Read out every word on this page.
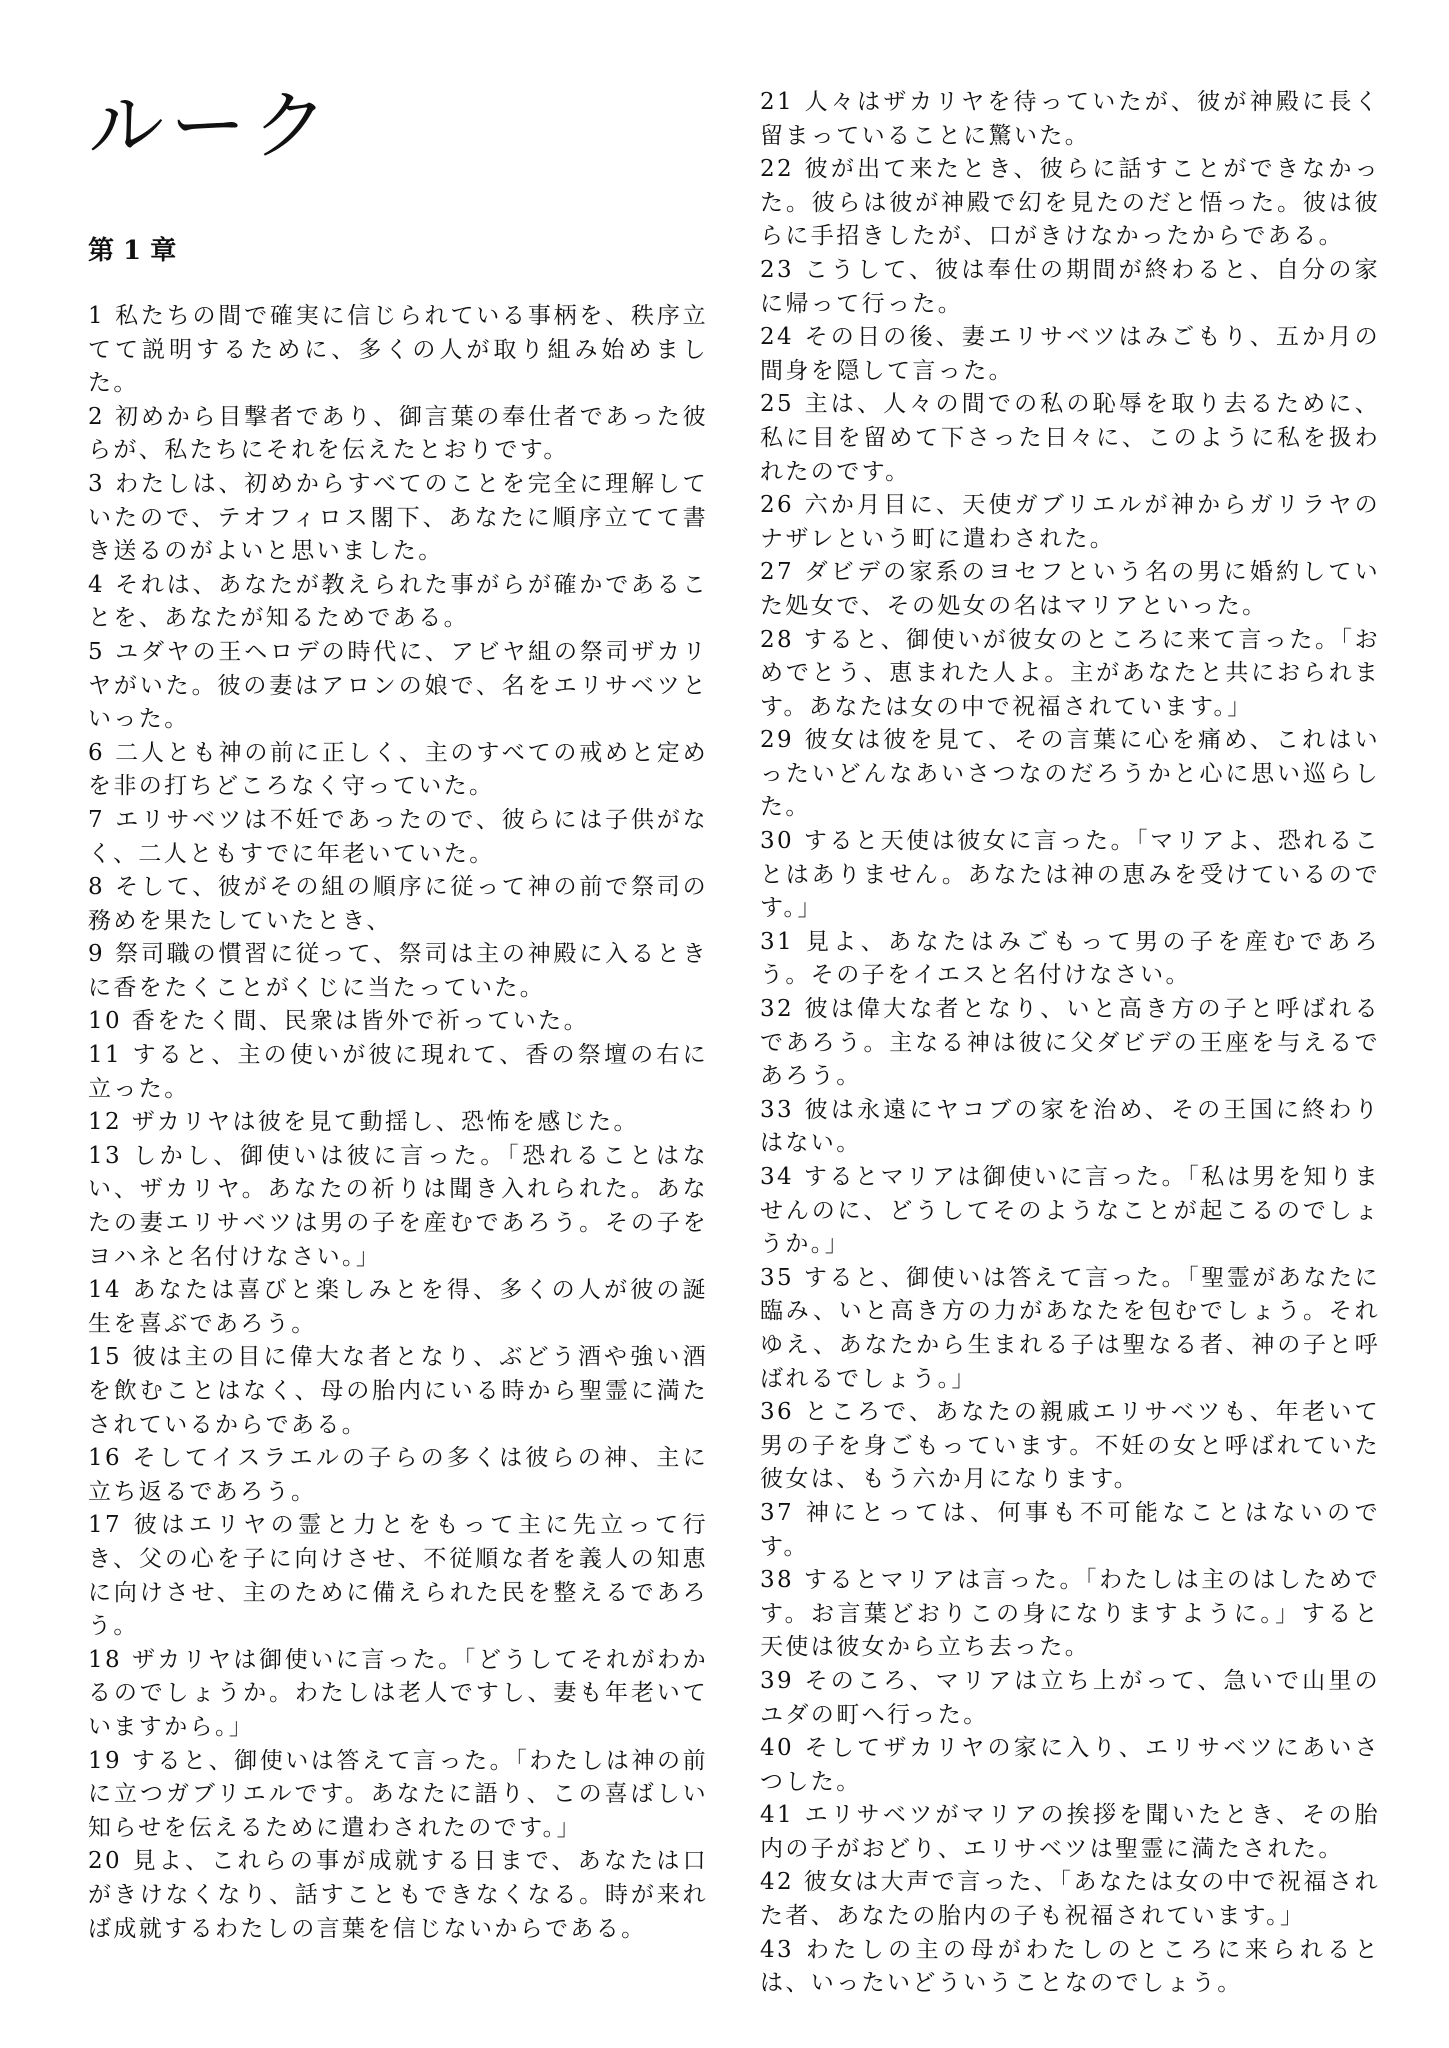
ルーク
第 1 章

1 私たちの間で確実に信じられている事柄を、秩序立てて説明するために、多くの人が取り組み始めました。

2 初めから目撃者であり、御言葉の奉仕者であった彼らが、私たちにそれを伝えたとおりです。

3 わたしは、初めからすべてのことを完全に理解していたので、テオフィロス閣下、あなたに順序立てて書き送るのがよいと思いました。

4 それは、あなたが教えられた事がらが確かであることを、あなたが知るためである。

5 ユダヤの王ヘロデの時代に、アビヤ組の祭司ザカリヤがいた。彼の妻はアロンの娘で、名をエリサベツといった。

6 二人とも神の前に正しく、主のすべての戒めと定めを非の打ちどころなく守っていた。

7 エリサベツは不妊であったので、彼らには子供がなく、二人ともすでに年老いていた。

8 そして、彼がその組の順序に従って神の前で祭司の務めを果たしていたとき、

9 祭司職の慣習に従って、祭司は主の神殿に入るときに香をたくことがくじに当たっていた。

10 香をたく間、民衆は皆外で祈っていた。

11 すると、主の使いが彼に現れて、香の祭壇の右に立った。

12 ザカリヤは彼を見て動揺し、恐怖を感じた。

13 しかし、御使いは彼に言った。「恐れることはない、ザカリヤ。あなたの祈りは聞き入れられた。あなたの妻エリサベツは男の子を産むであろう。その子をヨハネと名付けなさい。」

14 あなたは喜びと楽しみとを得、多くの人が彼の誕生を喜ぶであろう。

15 彼は主の目に偉大な者となり、ぶどう酒や強い酒を飲むことはなく、母の胎内にいる時から聖霊に満たされているからである。

16 そしてイスラエルの子らの多くは彼らの神、主に立ち返るであろう。

17 彼はエリヤの霊と力とをもって主に先立って行き、父の心を子に向けさせ、不従順な者を義人の知恵に向けさせ、主のために備えられた民を整えるであろう。

18 ザカリヤは御使いに言った。「どうしてそれがわかるのでしょうか。わたしは老人ですし、妻も年老いていますから。」

19 すると、御使いは答えて言った。「わたしは神の前に立つガブリエルです。あなたに語り、この喜ばしい知らせを伝えるために遣わされたのです。」

20 見よ、これらの事が成就する日まで、あなたは口がきけなくなり、話すこともできなくなる。時が来れば成就するわたしの言葉を信じないからである。

21 人々はザカリヤを待っていたが、彼が神殿に長く留まっていることに驚いた。

22 彼が出て来たとき、彼らに話すことができなかった。彼らは彼が神殿で幻を見たのだと悟った。彼は彼らに手招きしたが、口がきけなかったからである。

23 こうして、彼は奉仕の期間が終わると、自分の家に帰って行った。

24 その日の後、妻エリサベツはみごもり、五か月の間身を隠して言った。

25 主は、人々の間での私の恥辱を取り去るために、私に目を留めて下さった日々に、このように私を扱われたのです。

26 六か月目に、天使ガブリエルが神からガリラヤのナザレという町に遣わされた。

27 ダビデの家系のヨセフという名の男に婚約していた処女で、その処女の名はマリアといった。

28 すると、御使いが彼女のところに来て言った。「おめでとう、恵まれた人よ。主があなたと共におられます。あなたは女の中で祝福されています。」

29 彼女は彼を見て、その言葉に心を痛め、これはいったいどんなあいさつなのだろうかと心に思い巡らした。

30 すると天使は彼女に言った。「マリアよ、恐れることはありません。あなたは神の恵みを受けているのです。」

31 見よ、あなたはみごもって男の子を産むであろう。その子をイエスと名付けなさい。

32 彼は偉大な者となり、いと高き方の子と呼ばれるであろう。主なる神は彼に父ダビデの王座を与えるであろう。

33 彼は永遠にヤコブの家を治め、その王国に終わりはない。

34 するとマリアは御使いに言った。「私は男を知りませんのに、どうしてそのようなことが起こるのでしょうか。」

35 すると、御使いは答えて言った。「聖霊があなたに臨み、いと高き方の力があなたを包むでしょう。それゆえ、あなたから生まれる子は聖なる者、神の子と呼ばれるでしょう。」

36 ところで、あなたの親戚エリサベツも、年老いて男の子を身ごもっています。不妊の女と呼ばれていた彼女は、もう六か月になります。

37 神にとっては、何事も不可能なことはないのです。

38 するとマリアは言った。「わたしは主のはしためです。お言葉どおりこの身になりますように。」すると天使は彼女から立ち去った。

39 そのころ、マリアは立ち上がって、急いで山里のユダの町へ行った。

40 そしてザカリヤの家に入り、エリサベツにあいさつした。

41 エリサベツがマリアの挨拶を聞いたとき、その胎内の子がおどり、エリサベツは聖霊に満たされた。

42 彼女は大声で言った、「あなたは女の中で祝福された者、あなたの胎内の子も祝福されています。」

43 わたしの主の母がわたしのところに来られるとは、いったいどういうことなのでしょう。
